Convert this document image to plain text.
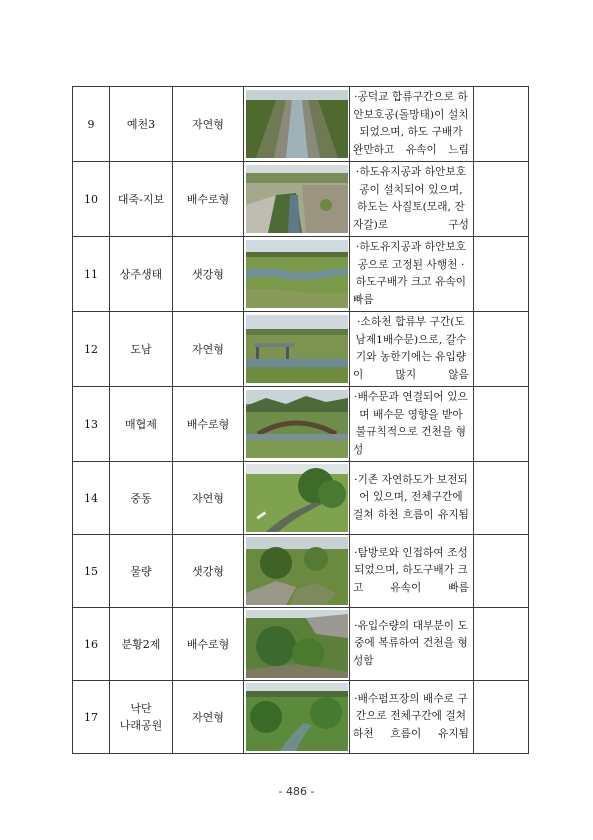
9	예천3	자연형		·공덕교 합류구간으로 하안보호공(돌망태)이 설치되었으며, 하도 구배가 완만하고 유속이 느림	

10	대죽-지보	배수로형		·하도유지공과 하안보호공이 설치되어 있으며, 하도는 사질토(모래, 잔자갈)로 구성	

11	상주생태	샛강형		·하도유지공과 하안보호공으로 고정된 사행천 ·하도구배가 크고 유속이 빠름	

12	도남	자연형		·소하천 합류부 구간(도남제1배수문)으로, 갈수기와 농한기에는 유입량이 많지 않음	

13	매협제	배수로형		·배수문과 연결되어 있으며 배수문 영향을 받아 불규칙적으로 건천을 형성	

14	중동	자연형		·기존 자연하도가 보전되어 있으며, 전체구간에 걸쳐 하천 흐름이 유지됨	

15	물량	샛강형		·탐방로와 인접하여 조성되었으며, 하도구배가 크고 유속이 빠름	

16	분황2제	배수로형		·유입수량의 대부분이 도중에 복류하여 건천을 형성함	

17	낙단
나래공원	자연형		·배수펌프장의 배수로 구간으로 전체구간에 걸쳐 하천 흐름이 유지됨	

- 486 -
